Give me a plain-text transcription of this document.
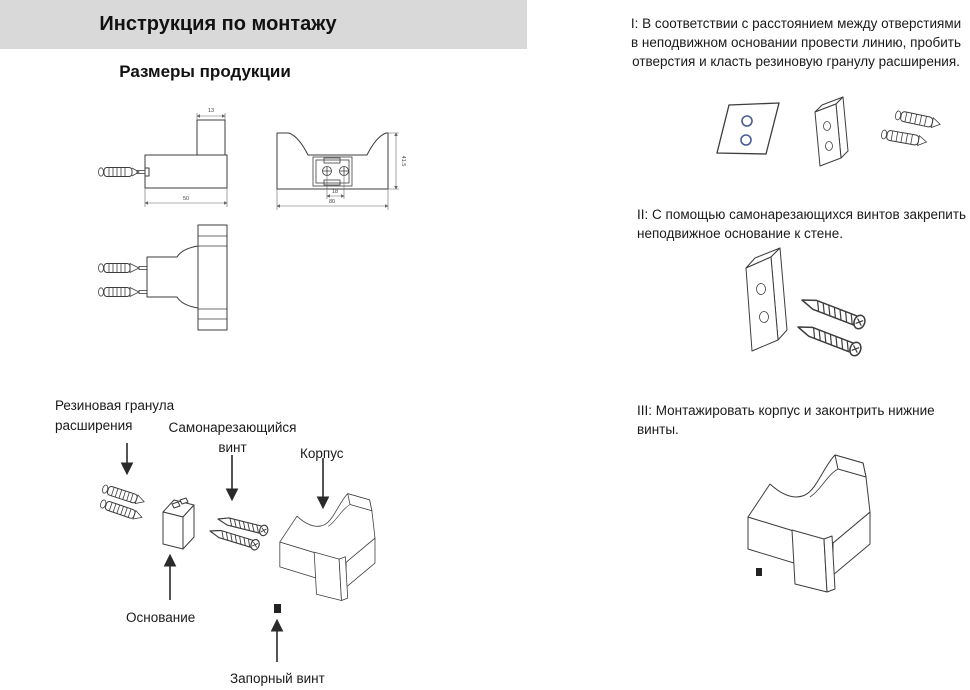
Инструкция по монтажу
Размеры продукции
13
50
41.5
18
80
Резиновая гранула расширения	Самонарезающийся винт	Корпус
Основание
Запорный винт
I: В соответствии с расстоянием между отверстиями в неподвижном основании провести линию, пробить отверстия и класть резиновую гранулу расширения.
II: С помощью самонарезающихся винтов закрепить неподвижное основание к стене.
III: Монтажировать корпус и законтрить нижние винты.
